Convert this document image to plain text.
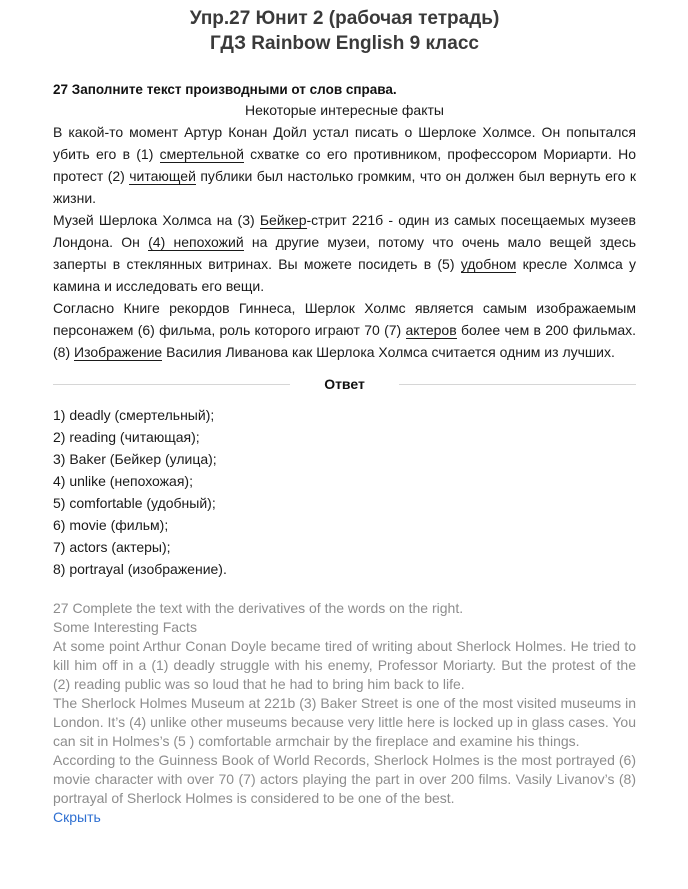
Упр.27 Юнит 2 (рабочая тетрадь)
ГДЗ Rainbow English 9 класс
27 Заполните текст производными от слов справа.
Некоторые интересные факты

В какой-то момент Артур Конан Дойл устал писать о Шерлоке Холмсе. Он попытался убить его в (1) смертельной схватке со его противником, профессором Мориарти. Но протест (2) читающей публики был настолько громким, что он должен был вернуть его к жизни.

Музей Шерлока Холмса на (3) Бейкер-стрит 221б - один из самых посещаемых музеев Лондона. Он (4) непохожий на другие музеи, потому что очень мало вещей здесь заперты в стеклянных витринах. Вы можете посидеть в (5) удобном кресле Холмса у камина и исследовать его вещи.

Согласно Книге рекордов Гиннеса, Шерлок Холмс является самым изображаемым персонажем (6) фильма, роль которого играют 70 (7) актеров более чем в 200 фильмах. (8) Изображение Василия Ливанова как Шерлока Холмса считается одним из лучших.

Ответ
1) deadly (смертельный);
2) reading (читающая);
3) Baker (Бейкер (улица);
4) unlike (непохожая);
5) comfortable (удобный);
6) movie (фильм);
7) actors (актеры);
8) portrayal (изображение).

27 Complete the text with the derivatives of the words on the right.

Some Interesting Facts

At some point Arthur Conan Doyle became tired of writing about Sherlock Holmes. He tried to kill him off in a (1) deadly struggle with his enemy, Professor Moriarty. But the protest of the (2) reading public was so loud that he had to bring him back to life.

The Sherlock Holmes Museum at 221b (3) Baker Street is one of the most visited museums in London. It’s (4) unlike other museums because very little here is locked up in glass cases. You can sit in Holmes’s (5 ) comfortable armchair by the fireplace and examine his things.

According to the Guinness Book of World Records, Sherlock Holmes is the most portrayed (6) movie character with over 70 (7) actors playing the part in over 200 films. Vasily Livanov’s (8) portrayal of Sherlock Holmes is considered to be one of the best.

Скрыть
